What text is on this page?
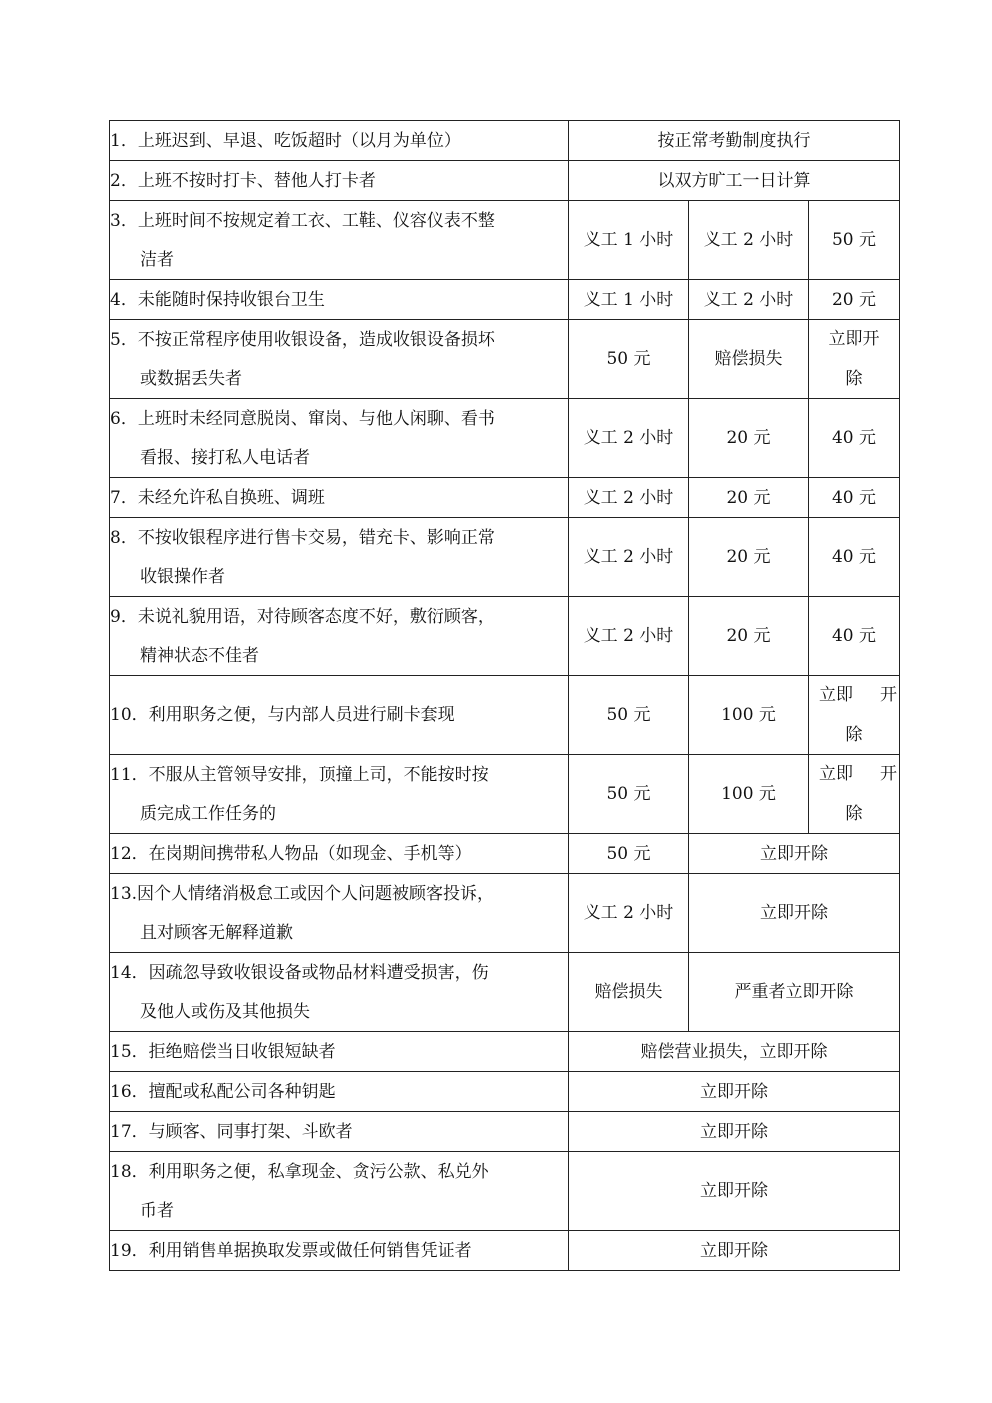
1．上班迟到、早退、吃饭超时（以月为单位）	按正常考勤制度执行		

2．上班不按时打卡、替他人打卡者	以双方旷工一日计算		

3．上班时间不按规定着工衣、工鞋、仪容仪表不整
洁者	义工 1 小时	义工 2 小时	50 元

4．未能随时保持收银台卫生	义工 1 小时	义工 2 小时	20 元

5．不按正常程序使用收银设备，造成收银设备损坏
或数据丢失者	50 元	赔偿损失	立即开
除

6．上班时未经同意脱岗、窜岗、与他人闲聊、看书
看报、接打私人电话者	义工 2 小时	20 元	40 元

7．未经允许私自换班、调班	义工 2 小时	20 元	40 元

8．不按收银程序进行售卡交易，错充卡、影响正常
收银操作者	义工 2 小时	20 元	40 元

9．未说礼貌用语，对待顾客态度不好，敷衍顾客，
精神状态不佳者	义工 2 小时	20 元	40 元

10．利用职务之便，与内部人员进行刷卡套现	50 元	100 元	立即 开
除

11．不服从主管领导安排，顶撞上司，不能按时按
质完成工作任务的	50 元	100 元	立即 开
除

12．在岗期间携带私人物品（如现金、手机等）	50 元	立即开除	

13.因个人情绪消极怠工或因个人问题被顾客投诉，
且对顾客无解释道歉	义工 2 小时	立即开除	

14．因疏忽导致收银设备或物品材料遭受损害，伤
及他人或伤及其他损失	赔偿损失	严重者立即开除	

15．拒绝赔偿当日收银短缺者	赔偿营业损失，立即开除		

16．擅配或私配公司各种钥匙	立即开除		

17．与顾客、同事打架、斗欧者	立即开除		

18．利用职务之便，私拿现金、贪污公款、私兑外
币者	立即开除		

19．利用销售单据换取发票或做任何销售凭证者	立即开除		
